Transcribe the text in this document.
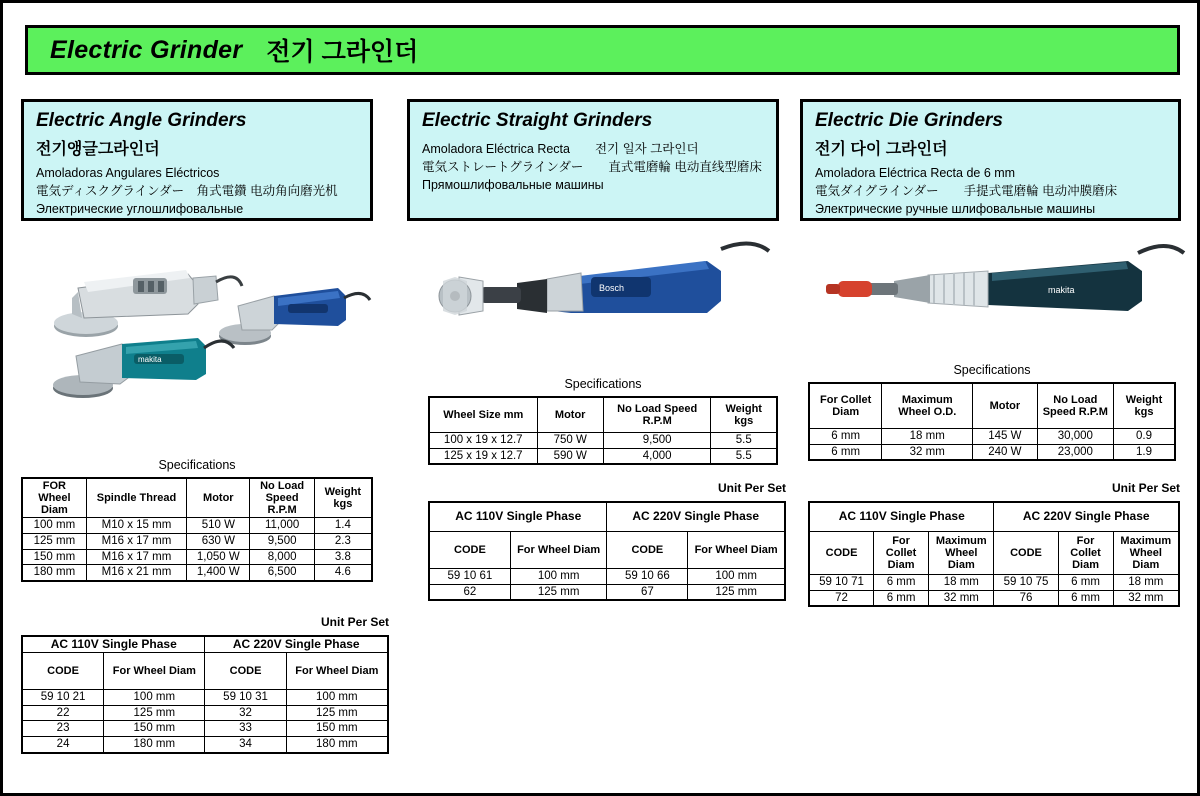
Electric Grinder 전기 그라인더
Electric Angle Grinders
전기앵글그라인더
Amoladoras Angulares Eléctricos
電気ディスクグラインダー　角式電鑽 电动角向磨光机
Электрические углошлифовальные
Electric Straight Grinders
Amoladora Eléctrica Recta  전기 일자 그라인더
電気ストレートグラインダー　　直式電磨輪 电动直线型磨床
Прямошлифовальные машины
Electric Die Grinders
전기 다이 그라인더
Amoladora Eléctrica Recta de 6 mm
電気ダイグラインダー　　手提式電磨輪 电动冲膜磨床
Электрические ручные шлифовальные машины
makita
Bosch	makita
Specifications
FOR Wheel Diam	Spindle Thread	Motor	No Load Speed R.P.M	Weight kgs
100 mm	M10 x 15 mm	510 W	11,000	1.4
125 mm	M16 x 17 mm	630 W	9,500	2.3
150 mm	M16 x 17 mm	1,050 W	8,000	3.8
180 mm	M16 x 21 mm	1,400 W	6,500	4.6
Unit Per Set
AC 110V Single Phase		AC 220V Single Phase	
CODE	For Wheel Diam	CODE	For Wheel Diam
59 10 21	100 mm	59 10 31	100 mm
22	125 mm	32	125 mm
23	150 mm	33	150 mm
24	180 mm	34	180 mm
Specifications
Wheel Size mm	Motor	No Load Speed R.P.M	Weight kgs
100 x 19 x 12.7	750 W	9,500	5.5
125 x 19 x 12.7	590 W	4,000	5.5
Unit Per Set
AC 110V Single Phase		AC 220V Single Phase	
CODE	For Wheel Diam	CODE	For Wheel Diam
59 10 61	100 mm	59 10 66	100 mm
62	125 mm	67	125 mm
Specifications
For Collet Diam	Maximum Wheel O.D.	Motor	No Load Speed R.P.M	Weight kgs
6 mm	18 mm	145 W	30,000	0.9
6 mm	32 mm	240 W	23,000	1.9
Unit Per Set
AC 110V Single Phase			AC 220V Single Phase		
CODE	For Collet Diam	Maximum Wheel Diam	CODE	For Collet Diam	Maximum Wheel Diam
59 10 71	6 mm	18 mm	59 10 75	6 mm	18 mm
72	6 mm	32 mm	76	6 mm	32 mm
